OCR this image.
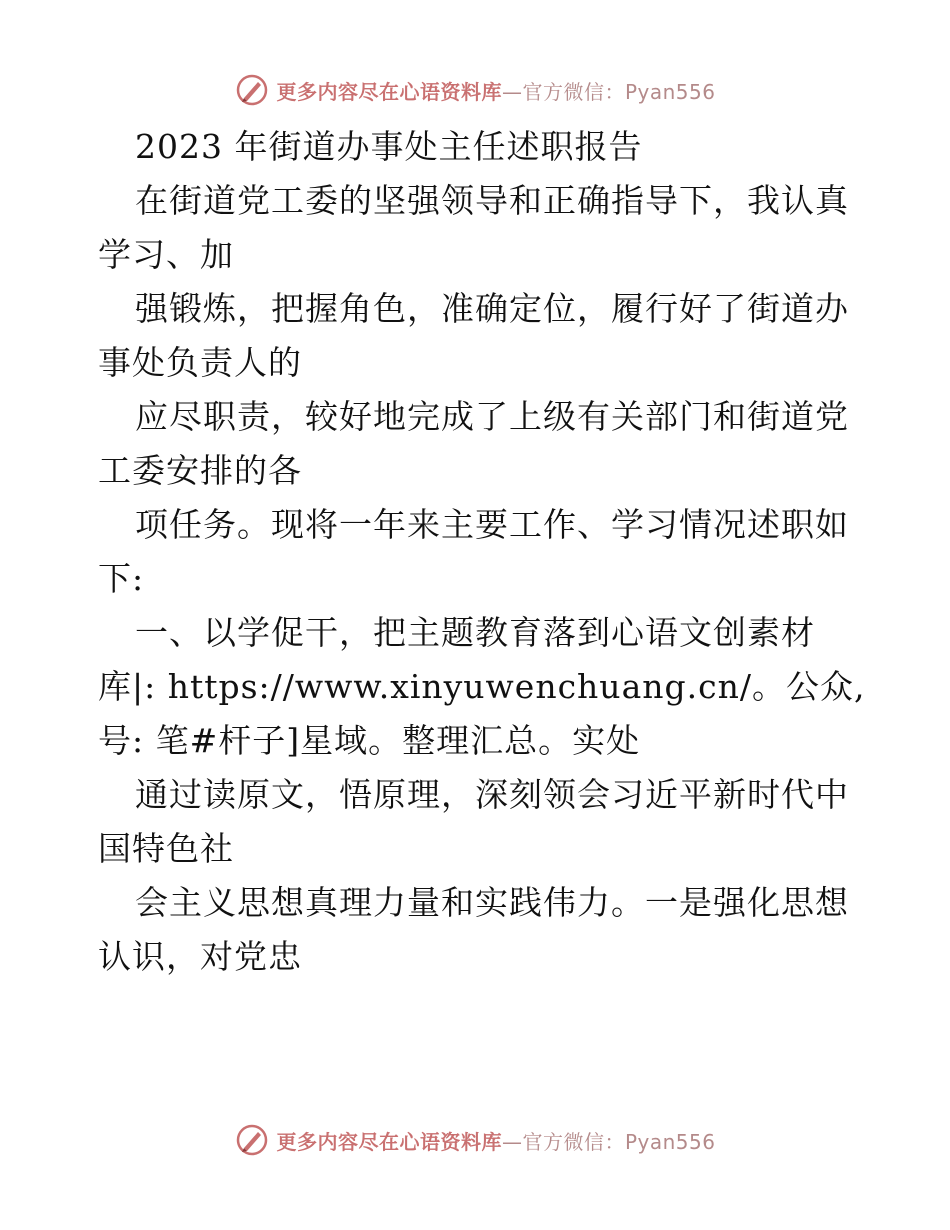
更多内容尽在心语资料库—官方微信：Pyan556
2023 年街道办事处主任述职报告
在街道党工委的坚强领导和正确指导下，我认真
学习、加
强锻炼，把握角色，准确定位，履行好了街道办
事处负责人的
应尽职责，较好地完成了上级有关部门和街道党
工委安排的各
项任务。现将一年来主要工作、学习情况述职如
下:
一、以学促干，把主题教育落到心语文创素材
库|: https://www.xinyuwenchuang.cn/。公众,
号: 笔#杆子]星域。整理汇总。实处
通过读原文，悟原理，深刻领会习近平新时代中
国特色社
会主义思想真理力量和实践伟力。一是强化思想
认识，对党忠
更多内容尽在心语资料库—官方微信：Pyan556
